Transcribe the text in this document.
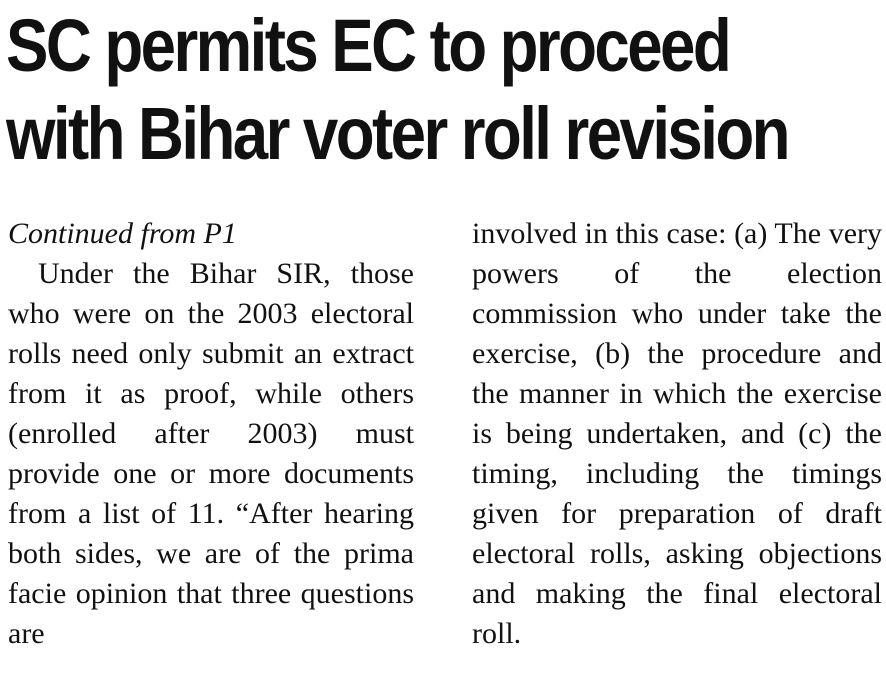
SC permits EC to proceed
with Bihar voter roll revision
Continued from P1

Under the Bihar SIR, those who were on the 2003 electoral rolls need only submit an extract from it as proof, while others (enrolled after 2003) must provide one or more documents from a list of 11. “After hearing both sides, we are of the prima facie opinion that three questions are

involved in this case: (a) The very powers of the election commission who under take the exercise, (b) the procedure and the manner in which the exercise is being undertaken, and (c) the timing, including the timings given for preparation of draft electoral rolls, asking objections and making the final electoral roll.
